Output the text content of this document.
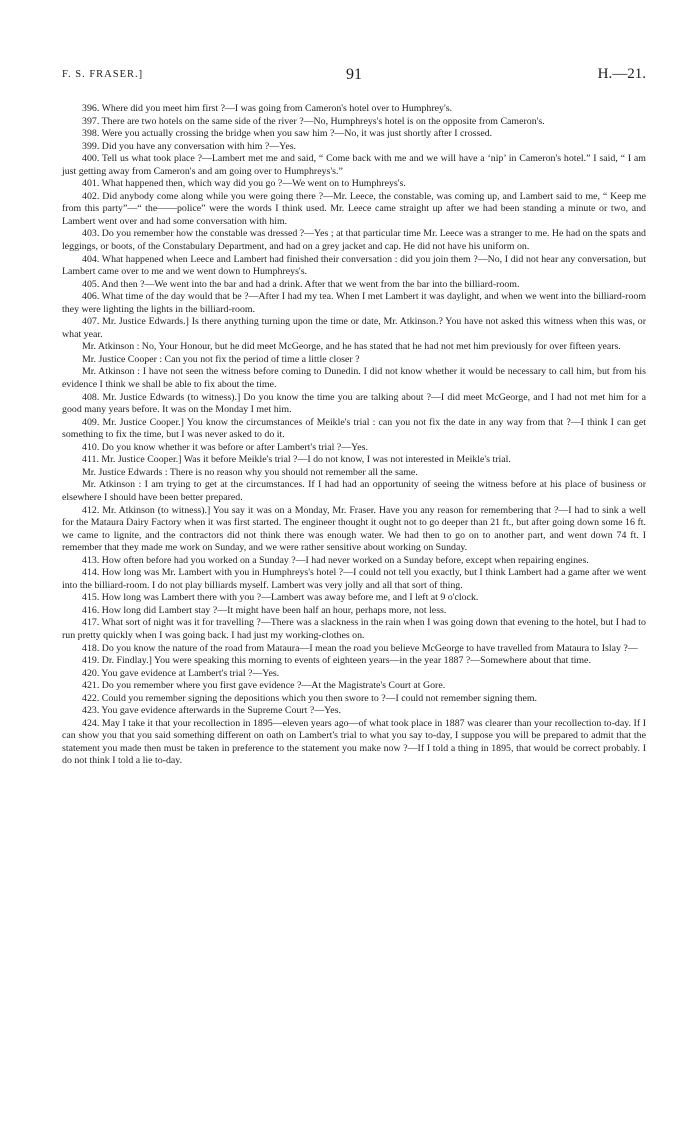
F. S. FRASER.]	91	H.—21.

396. Where did you meet him first ?—I was going from Cameron's hotel over to Humphrey's.

397. There are two hotels on the same side of the river ?—No, Humphreys's hotel is on the opposite from Cameron's.

398. Were you actually crossing the bridge when you saw him ?—No, it was just shortly after I crossed.

399. Did you have any conversation with him ?—Yes.

400. Tell us what took place ?—Lambert met me and said, “ Come back with me and we will have a ‘nip’ in Cameron's hotel.” I said, “ I am just getting away from Cameron's and am going over to Humphreys's.”

401. What happened then, which way did you go ?—We went on to Humphreys's.

402. Did anybody come along while you were going there ?—Mr. Leece, the constable, was coming up, and Lambert said to me, “ Keep me from this party”—“ the——police” were the words I think used. Mr. Leece came straight up after we had been standing a minute or two, and Lambert went over and had some conversation with him.

403. Do you remember how the constable was dressed ?—Yes ; at that particular time Mr. Leece was a stranger to me. He had on the spats and leggings, or boots, of the Constabulary Department, and had on a grey jacket and cap. He did not have his uniform on.

404. What happened when Leece and Lambert had finished their conversation : did you join them ?—No, I did not hear any conversation, but Lambert came over to me and we went down to Humphreys's.

405. And then ?—We went into the bar and had a drink. After that we went from the bar into the billiard-room.

406. What time of the day would that be ?—After I had my tea. When I met Lambert it was daylight, and when we went into the billiard-room they were lighting the lights in the billiard-room.

407. Mr. Justice Edwards.] Is there anything turning upon the time or date, Mr. Atkinson.? You have not asked this witness when this was, or what year.

Mr. Atkinson : No, Your Honour, but he did meet McGeorge, and he has stated that he had not met him previously for over fifteen years.

Mr. Justice Cooper : Can you not fix the period of time a little closer ?

Mr. Atkinson : I have not seen the witness before coming to Dunedin. I did not know whether it would be necessary to call him, but from his evidence I think we shall be able to fix about the time.

408. Mr. Justice Edwards (to witness).] Do you know the time you are talking about ?—I did meet McGeorge, and I had not met him for a good many years before. It was on the Monday I met him.

409. Mr. Justice Cooper.] You know the circumstances of Meikle's trial : can you not fix the date in any way from that ?—I think I can get something to fix the time, but I was never asked to do it.

410. Do you know whether it was before or after Lambert's trial ?—Yes.

411. Mr. Justice Cooper.] Was it before Meikle's trial ?—I do not know, I was not interested in Meikle's trial.

Mr. Justice Edwards : There is no reason why you should not remember all the same.

Mr. Atkinson : I am trying to get at the circumstances. If I had had an opportunity of seeing the witness before at his place of business or elsewhere I should have been better prepared.

412. Mr. Atkinson (to witness).] You say it was on a Monday, Mr. Fraser. Have you any reason for remembering that ?—I had to sink a well for the Mataura Dairy Factory when it was first started. The engineer thought it ought not to go deeper than 21 ft., but after going down some 16 ft. we came to lignite, and the contractors did not think there was enough water. We had then to go on to another part, and went down 74 ft. I remember that they made me work on Sunday, and we were rather sensitive about working on Sunday.

413. How often before had you worked on a Sunday ?—I had never worked on a Sunday before, except when repairing engines.

414. How long was Mr. Lambert with you in Humphreys's hotel ?—I could not tell you exactly, but I think Lambert had a game after we went into the billiard-room. I do not play billiards myself. Lambert was very jolly and all that sort of thing.

415. How long was Lambert there with you ?—Lambert was away before me, and I left at 9 o'clock.

416. How long did Lambert stay ?—It might have been half an hour, perhaps more, not less.

417. What sort of night was it for travelling ?—There was a slackness in the rain when I was going down that evening to the hotel, but I had to run pretty quickly when I was going back. I had just my working-clothes on.

418. Do you know the nature of the road from Mataura—I mean the road you believe McGeorge to have travelled from Mataura to Islay ?—

419. Dr. Findlay.] You were speaking this morning to events of eighteen years—in the year 1887 ?—Somewhere about that time.

420. You gave evidence at Lambert's trial ?—Yes.

421. Do you remember where you first gave evidence ?—At the Magistrate's Court at Gore.

422. Could you remember signing the depositions which you then swore to ?—I could not remember signing them.

423. You gave evidence afterwards in the Supreme Court ?—Yes.

424. May I take it that your recollection in 1895—eleven years ago—of what took place in 1887 was clearer than your recollection to-day. If I can show you that you said something different on oath on Lambert's trial to what you say to-day, I suppose you will be prepared to admit that the statement you made then must be taken in preference to the statement you make now ?—If I told a thing in 1895, that would be correct probably. I do not think I told a lie to-day.
